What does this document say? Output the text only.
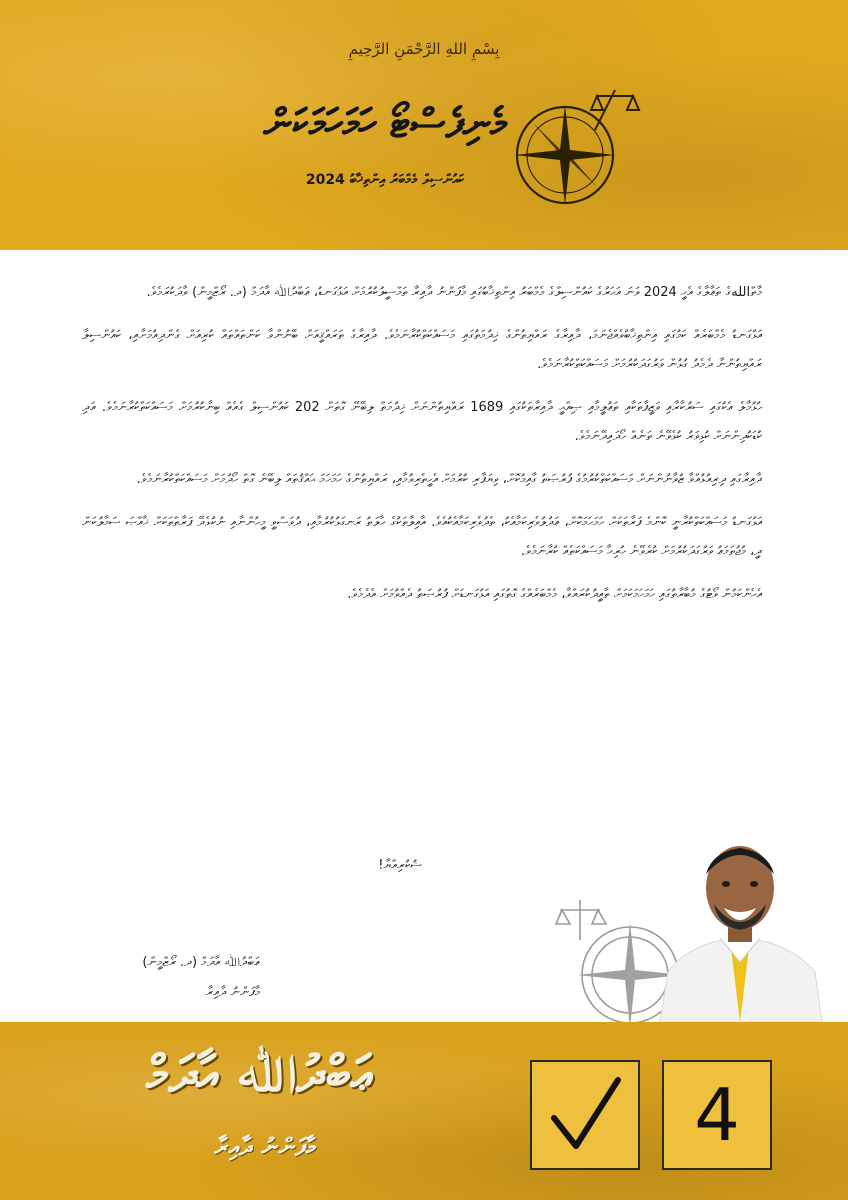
بِسْمِ اللهِ الرَّحْمَنِ الرَّحِيمِ
މެނިފެސްޓޯ ހަމަހަމަކަން
ކައުންސިލް މެމްބަރު އިންތިޚާބު 2024

މާތްاللهގެ ތަޢާލާގެ އެހީ 2024 ވަނަ އަހަރުގެ ކައުންސިލްގެ މެމްބަރު އިންތިޚާބުގައި މާފަންނު ދާއިރާ ތަމްސީލުކުރުމަށް އަޅުގަނޑު، ޢަބްދުﷲ އާދަމް (ދ. ރޯޒްމީން) ވާދަކުރަމެވެ.

އަޅުގަނޑު މެމްބަރެއް ކަމުގައި އިންތިޚާބުވެއްޖެނަމަ، ދާއިރާގެ ރައްޔިތުންގެ ޚިދުމަތުގައި މަސައްކަތްކުރާނަމެވެ. ދާއިރާގެ ތަރައްޤީއަށް ބޭނުންވާ ކަންތައްތައް ކުރިއަށް ގެންދިއުމަށާއި، ކައުންސިލާ ރައްޔިތުންނާ ދެމެދު ގުޅުން ވަރުގަދަކުރުމަށް މަސައްކަތްކުރާނަމެވެ.

ހުޅުމާލެ އެކުގައި ސަރުކާރާއި ވަޒީފާތަކާއި ތަޢުލީމާއި ޞިއްޙީ ދާއިރާތަކުގައި 1689 ރައްޔިތުންނަށް ޚިދުމަތް ލިބޭނޭ ގޮތަށް 202 ކައުންސިލް ގެއެއް ބިނާކުރުމަށް މަސައްކަތްކުރާނަމެވެ. އަދި ކުޑަކުދިންނަށް ކުޅިވަރު ކުޅެވޭނެ ތަނެއް ހޯދައިދޭނަމެވެ.

ދާއިރާގައި ދިރިއުޅުއްވާ ޒުވާނުންނަށް މަސައްކަތްކުރުމުގެ ފުރުޞަތު ގާއިމުކޮށް، ވިޔަފާރި ކުރުމަށް އެހީތެރިވުމާއި، ރައްޔިތުންގެ ހަމަހަމަ ޙައްޤުތައް ލިބޭނެ ގޮތް ހޯދުމަށް މަސައްކަތްކުރާނަމެވެ.

އަޅުގަނޑު މަސައްކަތްކުރާނީ ކޮންމެ ފަރާތަކަށް ހަމަހަމަކޮށް، ޢަދުލުވެރިކަމާއެކު، ތެދުވެރިކަމާއެކުއެވެ. އާއިލާތަކުގެ ހާލަތު ރަނގަޅުކުރުމާއި، ދުވަސްވީ މީހުންނާއި ނުކުޅެދޭ ފަރާތްތަކަށް ޚާއްޞަ ސަމާލުކަން ދީ، މުޖުތަމަޢު ވަރުގަދަކުރުމަށް ކުރެވޭނެ ހުރިހާ މަސައްކަތެއް ކުރާނަމެވެ.

އެހެންކަމުން ވޯޓުގެ މުބާރާތުގައި ހަމަހަމަކަމަށް ތާއީދުކުރައްވާ، މެމްބަރެއްގެ ގޮތުގައި އަޅުގަނޑަށް ފުރުޞަތު ދެއްވުމަށް އެދެމެވެ.

ޝުކުރިއްޔާ!
ޢަބްދުﷲ އާދަމް (ދ. ރޯޒްމީން)
މާފަންނު ދާއިރާ
ޢަބްދުﷲ އާދަމް
މާފަންނު ދާއިރާ	4
